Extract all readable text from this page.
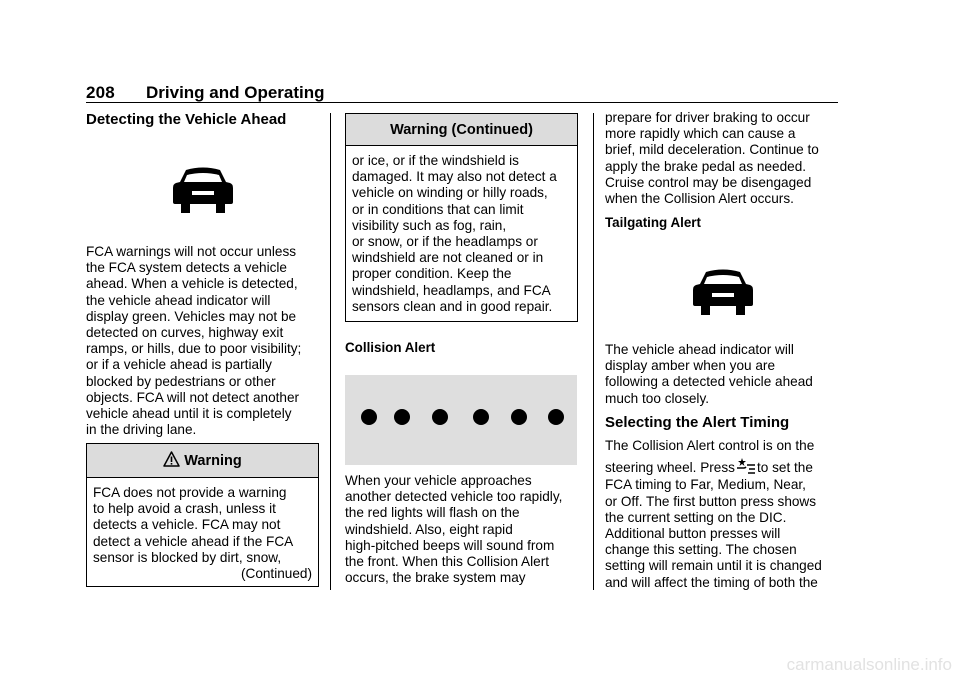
208 Driving and Operating
Detecting the Vehicle Ahead
FCA warnings will not occur unless
the FCA system detects a vehicle
ahead. When a vehicle is detected,
the vehicle ahead indicator will
display green. Vehicles may not be
detected on curves, highway exit
ramps, or hills, due to poor visibility;
or if a vehicle ahead is partially
blocked by pedestrians or other
objects. FCA will not detect another
vehicle ahead until it is completely
in the driving lane.
Warning
FCA does not provide a warning
to help avoid a crash, unless it
detects a vehicle. FCA may not
detect a vehicle ahead if the FCA
sensor is blocked by dirt, snow,
(Continued)
Warning (Continued)
or ice, or if the windshield is
damaged. It may also not detect a
vehicle on winding or hilly roads,
or in conditions that can limit
visibility such as fog, rain,
or snow, or if the headlamps or
windshield are not cleaned or in
proper condition. Keep the
windshield, headlamps, and FCA
sensors clean and in good repair.
Collision Alert
When your vehicle approaches
another detected vehicle too rapidly,
the red lights will flash on the
windshield. Also, eight rapid
high-pitched beeps will sound from
the front. When this Collision Alert
occurs, the brake system may
prepare for driver braking to occur
more rapidly which can cause a
brief, mild deceleration. Continue to
apply the brake pedal as needed.
Cruise control may be disengaged
when the Collision Alert occurs.
Tailgating Alert
The vehicle ahead indicator will
display amber when you are
following a detected vehicle ahead
much too closely.
Selecting the Alert Timing
The Collision Alert control is on the
steering wheel. Press to set the
FCA timing to Far, Medium, Near,
or Off. The first button press shows
the current setting on the DIC.
Additional button presses will
change this setting. The chosen
setting will remain until it is changed
and will affect the timing of both the
carmanualsonline.info
